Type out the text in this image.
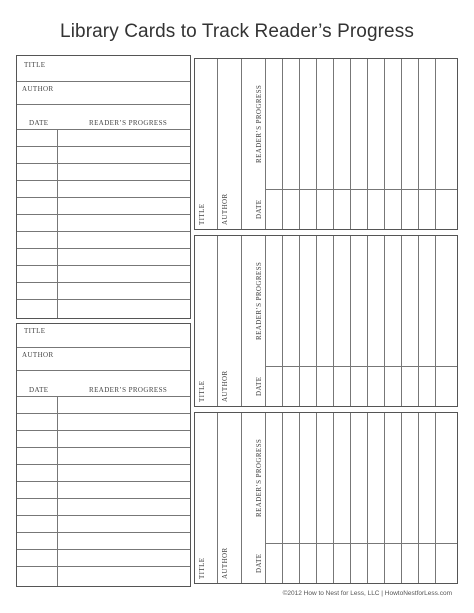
Library Cards to Track Reader’s Progress
TITLE
AUTHOR
DATE	READER’S PROGRESS
TITLE
AUTHOR
DATE	READER’S PROGRESS
TITLE AUTHOR	DATE
READER’S PROGRESS
TITLE AUTHOR	DATE
READER’S PROGRESS
TITLE AUTHOR	DATE
READER’S PROGRESS
©2012 How to Nest for Less, LLC | HowtoNestforLess.com
